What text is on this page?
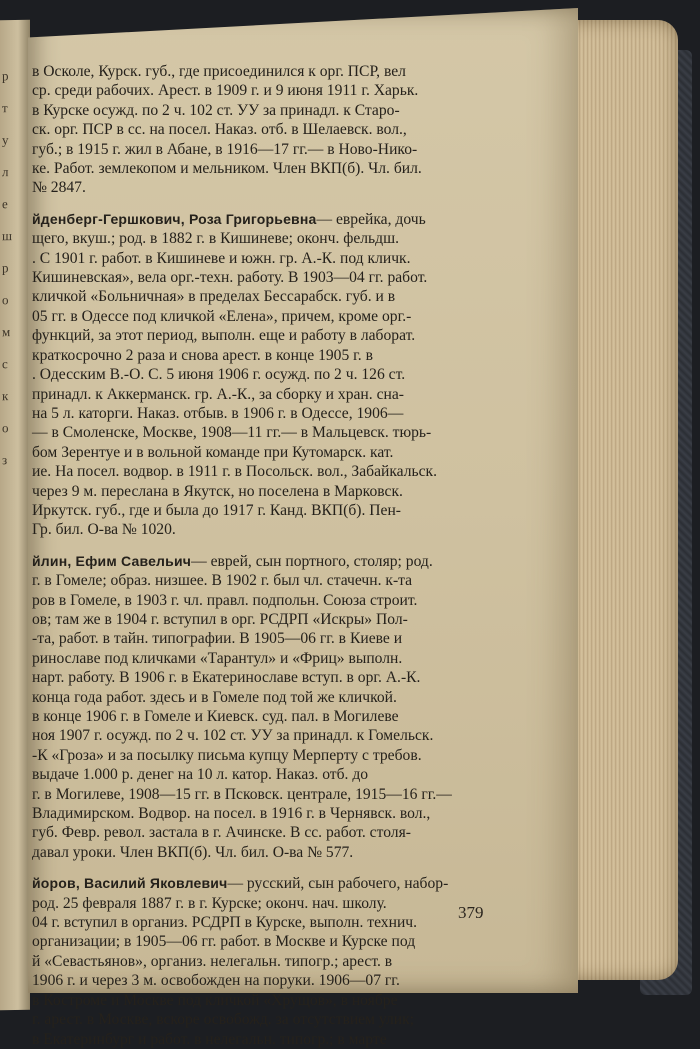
р
т
у
л
е
ш
р
о
м
с
к
о
з

в Осколе, Курск. губ., где присоединился к орг. ПСР, вел

ср. среди рабочих. Арест. в 1909 г. и 9 июня 1911 г. Харьк.

в Курске осужд. по 2 ч. 102 ст. УУ за принадл. к Старо-

ск. орг. ПСР в сс. на посел. Наказ. отб. в Шелаевск. вол.,

губ.; в 1915 г. жил в Абане, в 1916—17 гг.— в Ново-Нико-

ке. Работ. землекопом и мельником. Член ВКП(б). Чл. бил.

№ 2847.

йденберг-Гершкович, Роза Григорьевна— еврейка, дочь

щего, вкуш.; род. в 1882 г. в Кишиневе; оконч. фельдш.

. С 1901 г. работ. в Кишиневе и южн. гр. А.-К. под кличк.

Кишиневская», вела орг.-техн. работу. В 1903—04 гг. работ.

кличкой «Больничная» в пределах Бессарабск. губ. и в

05 гг. в Одессе под кличкой «Елена», причем, кроме орг.-

функций, за этот период, выполн. еще и работу в лаборат.

краткосрочно 2 раза и снова арест. в конце 1905 г. в

. Одесским В.-О. С. 5 июня 1906 г. осужд. по 2 ч. 126 ст.

принадл. к Аккерманск. гр. А.-К., за сборку и хран. сна-

на 5 л. каторги. Наказ. отбыв. в 1906 г. в Одессе, 1906—

— в Смоленске, Москве, 1908—11 гг.— в Мальцевск. тюрь-

бом Зерентуе и в вольной команде при Кутомарск. кат.

ие. На посел. водвор. в 1911 г. в Посольск. вол., Забайкальск.

через 9 м. переслана в Якутск, но поселена в Марковск.

Иркутск. губ., где и была до 1917 г. Канд. ВКП(б). Пен-

Гр. бил. О-ва № 1020.

йлин, Ефим Савельич— еврей, сын портного, столяр; род.

г. в Гомеле; образ. низшее. В 1902 г. был чл. стачечн. к-та

ров в Гомеле, в 1903 г. чл. правл. подпольн. Союза строит.

ов; там же в 1904 г. вступил в орг. РСДРП «Искры» Пол-

-та, работ. в тайн. типографии. В 1905—06 гг. в Киеве и

ринославе под кличками «Тарантул» и «Фриц» выполн.

нарт. работу. В 1906 г. в Екатеринославе вступ. в орг. А.-К.

конца года работ. здесь и в Гомеле под той же кличкой.

в конце 1906 г. в Гомеле и Киевск. суд. пал. в Могилеве

ноя 1907 г. осужд. по 2 ч. 102 ст. УУ за принадл. к Гомельск.

-К «Гроза» и за посылку письма купцу Мерперту с требов.

выдаче 1.000 р. денег на 10 л. катор. Наказ. отб. до

г. в Могилеве, 1908—15 гг. в Псковск. централе, 1915—16 гг.—

Владимирском. Водвор. на посел. в 1916 г. в Чернявск. вол.,

губ. Февр. револ. застала в г. Ачинске. В сс. работ. столя-

давал уроки. Член ВКП(б). Чл. бил. О-ва № 577.

йоров, Василий Яковлевич— русский, сын рабочего, набор-

род. 25 февраля 1887 г. в г. Курске; оконч. нач. школу.

04 г. вступил в организ. РСДРП в Курске, выполн. технич.

организации; в 1905—06 гг. работ. в Москве и Курске под

й «Севастьянов», организ. нелегальн. типогр.; арест. в

1906 г. и через 3 м. освобожден на поруки. 1906—07 гг.

в Костроме и Москве под кличкой «Хрущов», в ноябре

г. арест. в Москве, вскоре освобожд. за отсутствием улик;

в Екатеринбург и работ. в нелегальн. типогр.; в марте

379
